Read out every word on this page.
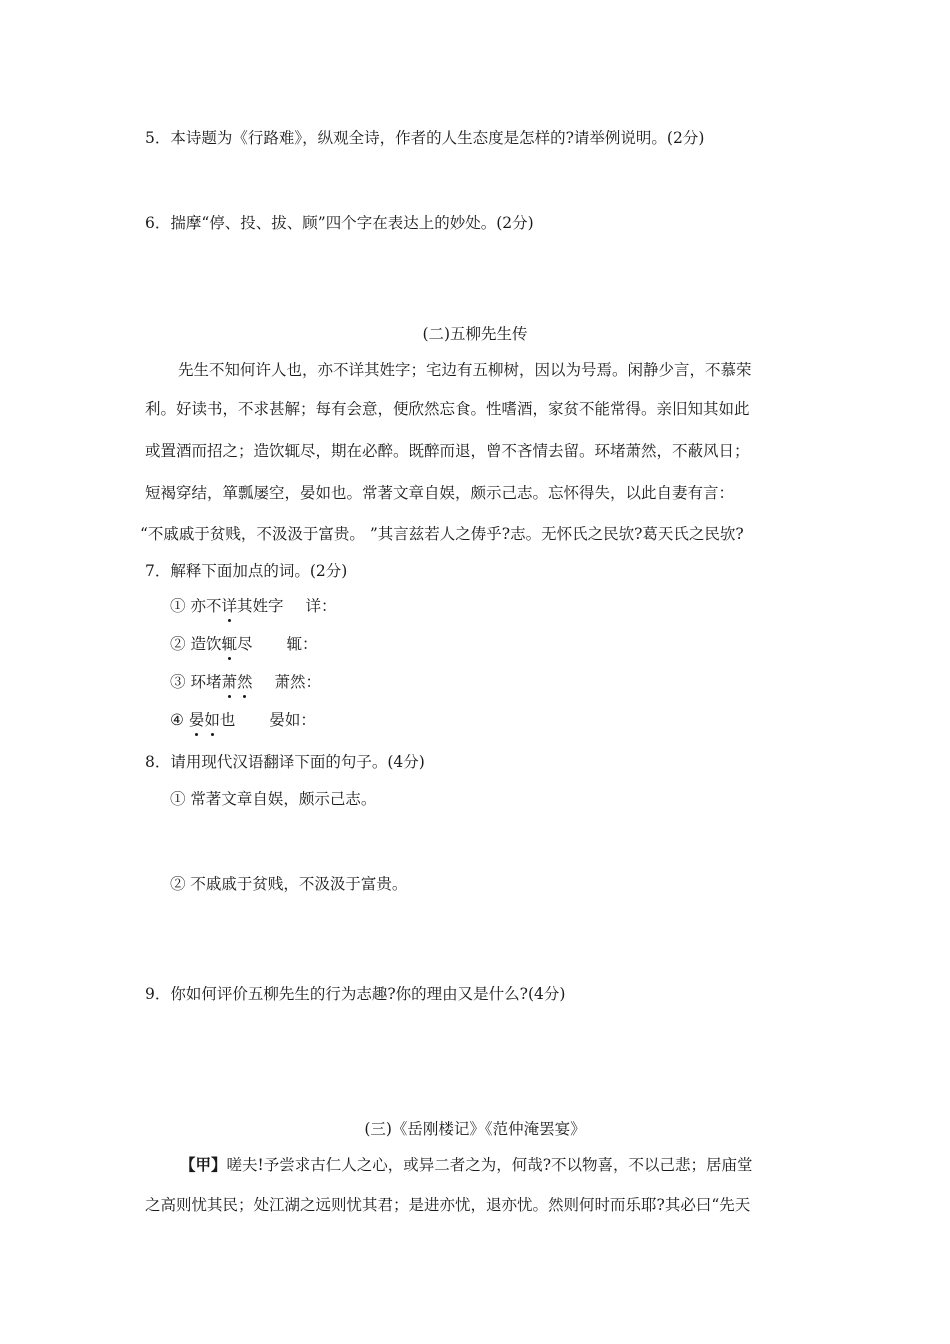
5．本诗题为《行路难》，纵观全诗，作者的人生态度是怎样的?请举例说明。(2分)
6．揣摩“停、投、拔、顾”四个字在表达上的妙处。(2分)
(二)五柳先生传
先生不知何许人也，亦不详其姓字；宅边有五柳树，因以为号焉。闲静少言，不慕荣
利。好读书，不求甚解；每有会意，便欣然忘食。性嗜酒，家贫不能常得。亲旧知其如此
或置酒而招之；造饮辄尽，期在必醉。既醉而退，曾不吝情去留。环堵萧然，不蔽风日；
短褐穿结，箪瓢屡空，晏如也。常著文章自娱，颇示己志。忘怀得失，以此自妻有言：
“不戚戚于贫贱，不汲汲于富贵。 ”其言兹若人之俦乎?志。无怀氏之民欤?葛天氏之民欤?
7．解释下面加点的词。(2分)
① 亦不详其姓字 详：
② 造饮辄尽 辄：
③ 环堵萧然 萧然：
④ 晏如也 晏如：
8．请用现代汉语翻译下面的句子。(4分)
① 常著文章自娱，颇示己志。
② 不戚戚于贫贱，不汲汲于富贵。
9．你如何评价五柳先生的行为志趣?你的理由又是什么?(4分)
(三)《岳刚楼记》《范仲淹罢宴》
【甲】嗟夫!予尝求古仁人之心，或异二者之为，何哉?不以物喜，不以己悲；居庙堂
之高则忧其民；处江湖之远则忧其君；是进亦忧，退亦忧。然则何时而乐耶?其必曰“先天
